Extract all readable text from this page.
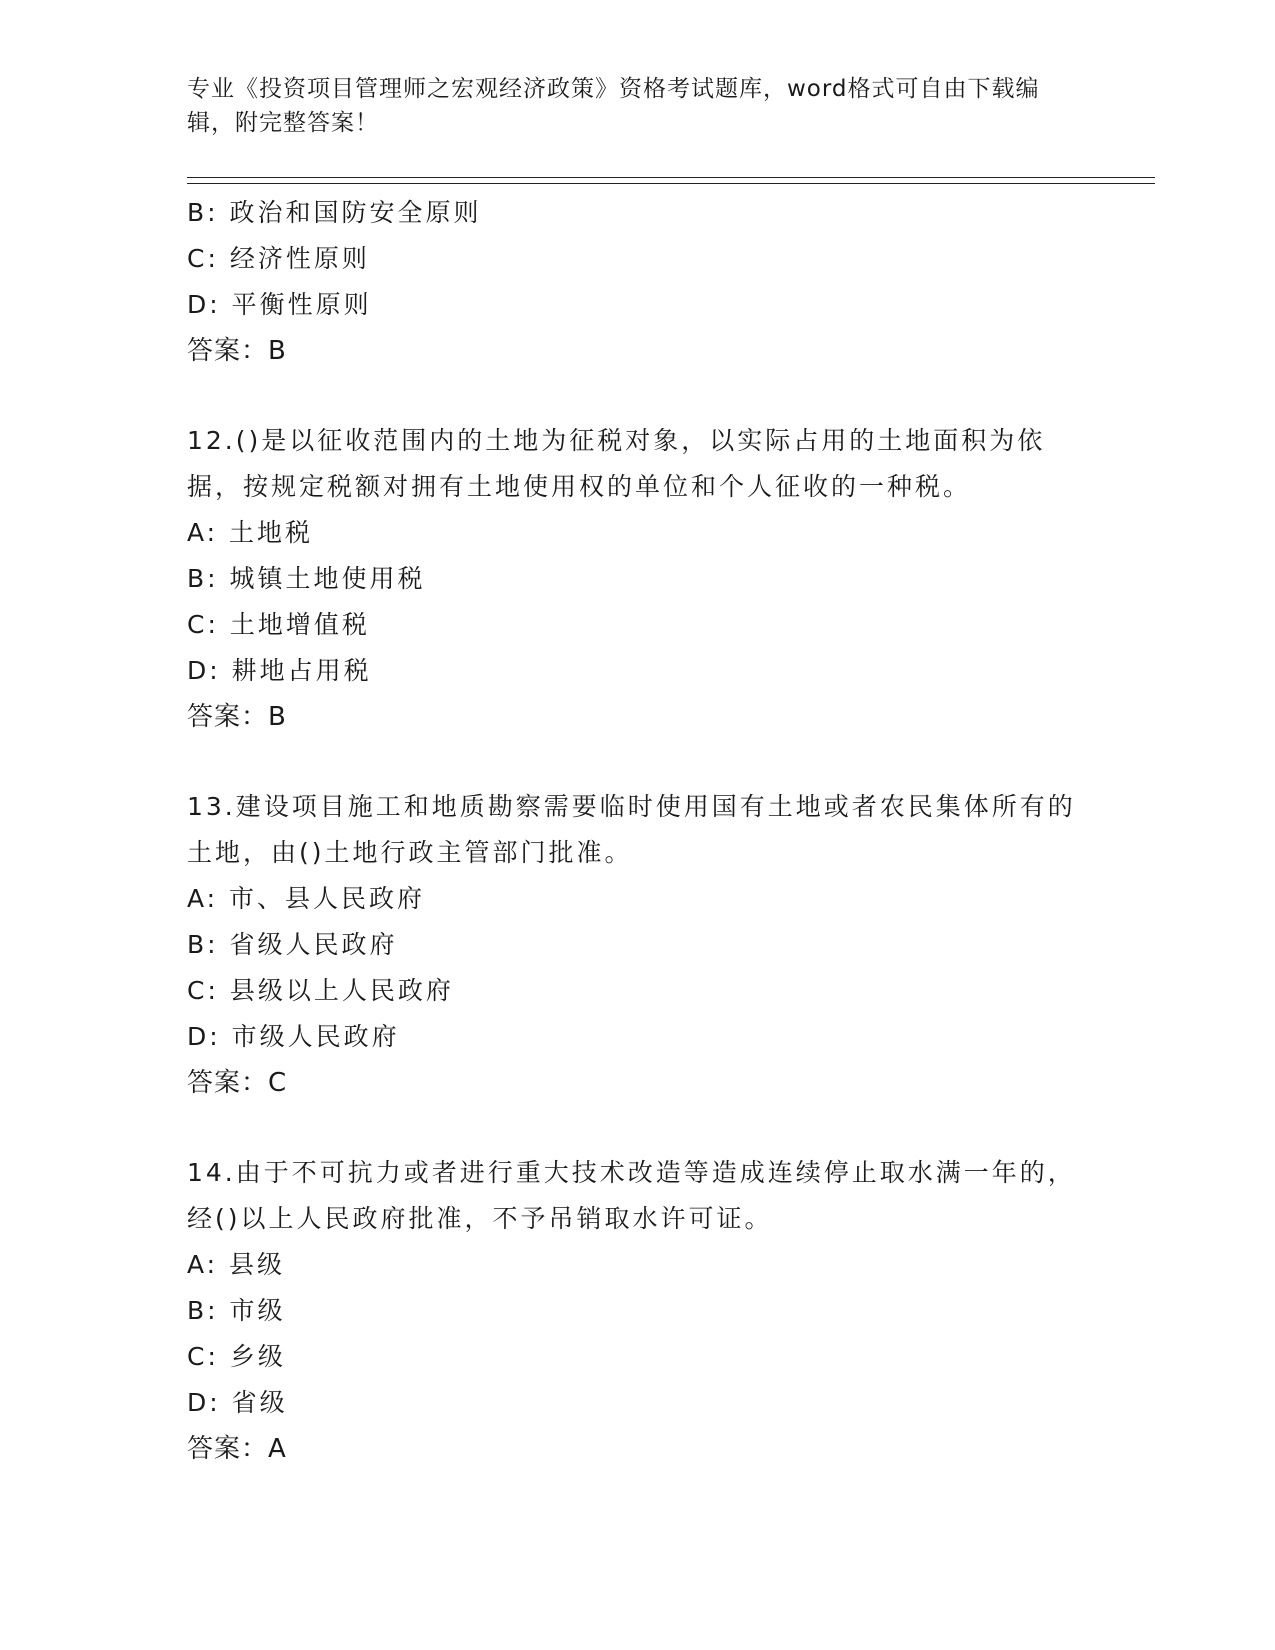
专业《投资项目管理师之宏观经济政策》资格考试题库，word格式可自由下载编辑，附完整答案！
B: 政治和国防安全原则
C: 经济性原则
D: 平衡性原则
答案：B
12.()是以征收范围内的土地为征税对象，以实际占用的土地面积为依据，按规定税额对拥有土地使用权的单位和个人征收的一种税。
A: 土地税
B: 城镇土地使用税
C: 土地增值税
D: 耕地占用税
答案：B
13.建设项目施工和地质勘察需要临时使用国有土地或者农民集体所有的土地，由()土地行政主管部门批准。
A: 市、县人民政府
B: 省级人民政府
C: 县级以上人民政府
D: 市级人民政府
答案：C
14.由于不可抗力或者进行重大技术改造等造成连续停止取水满一年的，经()以上人民政府批准，不予吊销取水许可证。
A: 县级
B: 市级
C: 乡级
D: 省级
答案：A
